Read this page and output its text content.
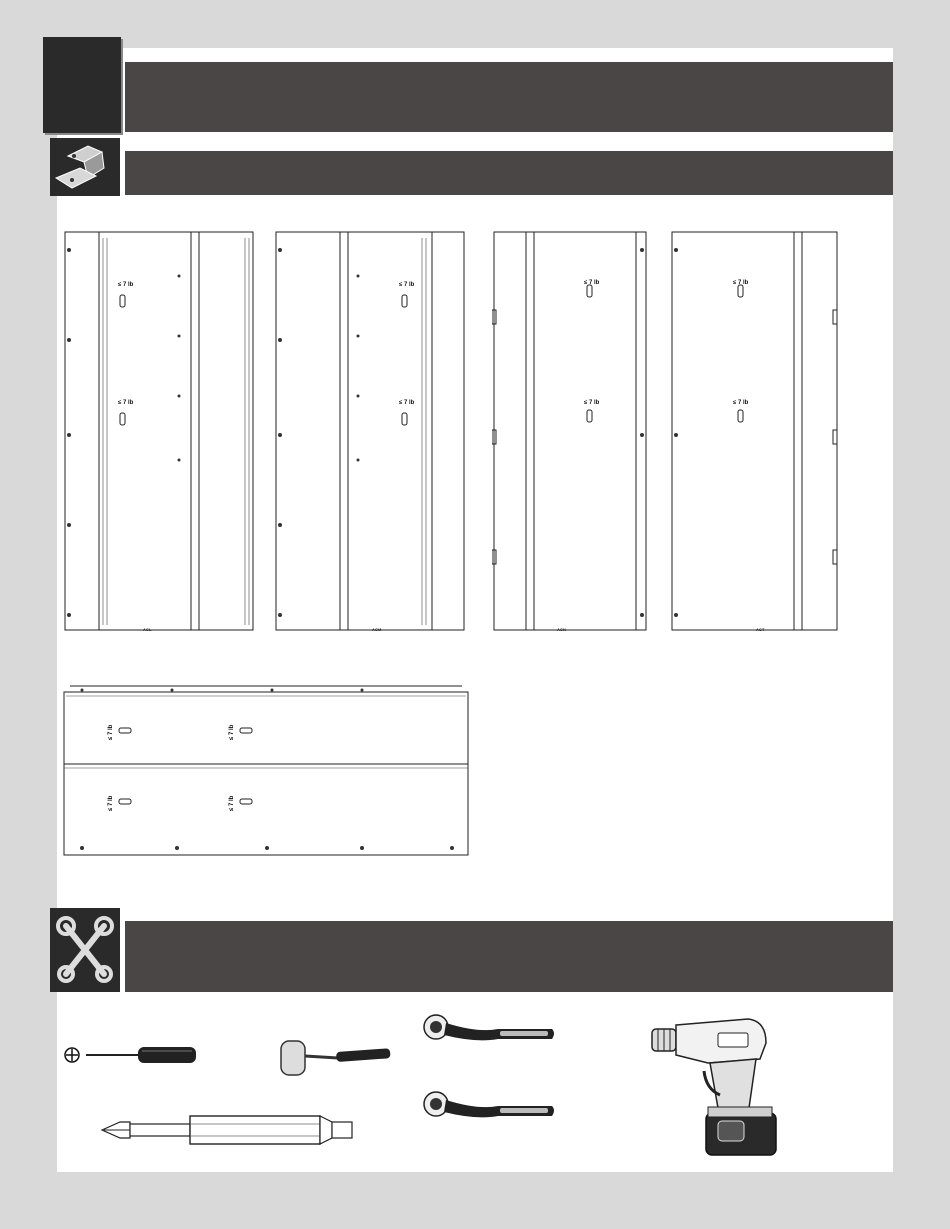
≤ 7 lb
≤ 7 lb
AGL
≤ 7 lb
≤ 7 lb
AGM
≤ 7 lb
≤ 7 lb
AGN
≤ 7 lb
≤ 7 lb
AGT
≤ 7 lb	≤ 7 lb
≤ 7 lb	≤ 7 lb
